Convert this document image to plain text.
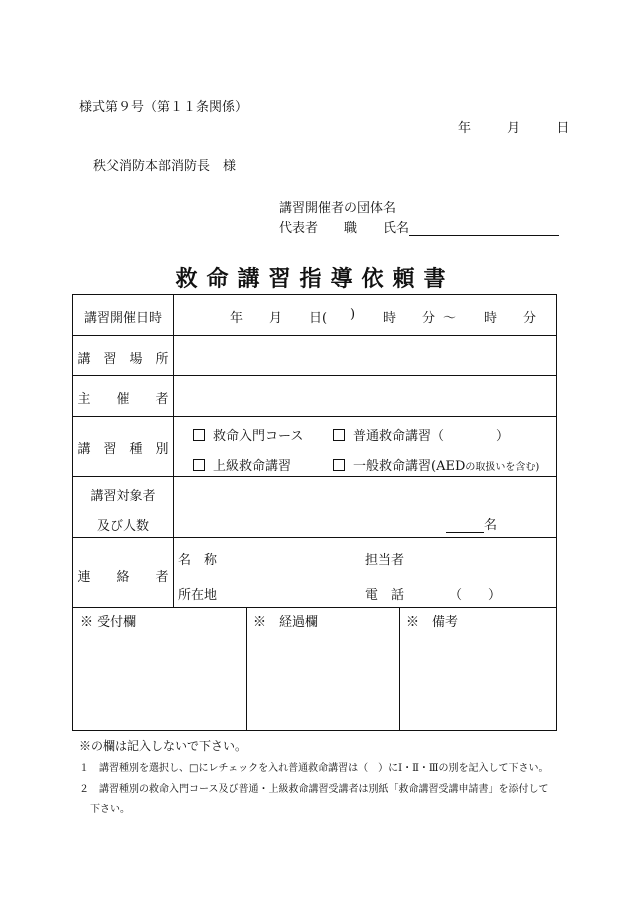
様式第９号（第１１条関係）
年	月	日
秩父消防本部消防長　様
講習開催者の団体名
代表者　　職　　氏名
救命講習指導依頼書
講習開催日時	年 月 日( ) 時 分 〜 時 分
講　習　場　所
主　　催　　者
講　習　種　別
救命入門コース	普通救命講習（　　　　）
上級救命講習	一般救命講習(AEDの取扱いを含む)
講習対象者
及び人数	名
連　　絡　　者
名　称	担当者
所在地	電　話	（　　）
※ 受付欄	※　経過欄	※　備考
※の欄は記入しないで下さい。
１　講習種別を選択し、□にレチェックを入れ普通救命講習は（　）にⅠ・Ⅱ・Ⅲの別を記入して下さい。
２　講習種別の救命入門コース及び普通・上級救命講習受講者は別紙「救命講習受講申請書」を添付して
下さい。
